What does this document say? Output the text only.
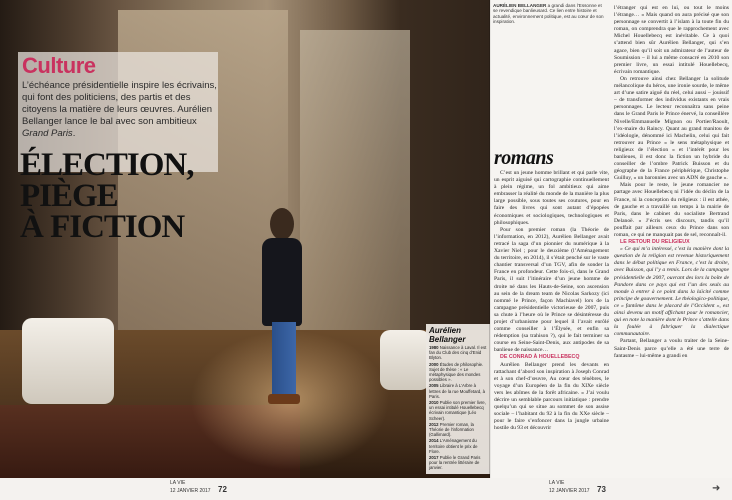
Culture
L’échéance présidentielle inspire les écrivains, qui font des politiciens, des partis et des citoyens la matière de leurs œuvres. Aurélien Bellanger lance le bal avec son ambitieux Grand Paris.
ÉLECTION,
PIÈGE
À FICTION
Aurélien Bellanger
1980 Naissance à Laval. Il est fan du Club des cinq d’Enid Blyton.
2000 Études de philosophie. Sujet de thèse : « Le métaphysique des mondes possibles ».
2005 Libraire à L’Arbre à lettres de la rue Mouffetard, à Paris.
2010 Publie son premier livre, un essai intitulé Houellebecq écrivain romantique (Léo Scheer).
2012 Premier roman, la Théorie de l’information (Gallimard).
2014 L’Aménagement du territoire obtient le prix de Flore.
2017 Publie le Grand Paris pour la rentrée littéraire de janvier.
AURÉLIEN BELLANGER a grandi dans l’Essonne et se revendique banlieusard. Ce lien entre histoire et actualité, environnement politique, est au cœur de son inspiration.
romans

C’est un jeune homme brillant et qui parle vite, un esprit aiguisé qui cartographie continuellement à plein régime, un fol ambitieux qui aime embrasser la réalité du monde de la manière la plus large possible, sous toutes ses coutures, pour en faire des livres qui sont autant d’épopées économiques et sociologiques, technologiques et philosophiques.

Pour son premier roman (la Théorie de l’information, en 2012), Aurélien Bellanger avait retracé la saga d’un pionnier du numérique à la Xavier Niel ; pour le deuxième (l’Aménagement du territoire, en 2014), il s’était penché sur le vaste chantier transversal d’un TGV, afin de sonder la France en profondeur. Cette fois-ci, dans le Grand Paris, il suit l’itinéraire d’un jeune homme de droite né dans les Hauts-de-Seine, son ascension au sein de la dream team de Nicolas Sarkozy (ici nommé le Prince, façon Machiavel) lors de la campagne présidentielle victorieuse de 2007, puis sa chute à l’heure où le Prince se désintéresse du projet d’urbanisme pour lequel il l’avait enrôlé comme conseiller à l’Élysée, et enfin sa rédemption (sa trahison ?), qui le fait terminer sa course en Seine-Saint-Denis, aux antipodes de sa banlieue de naissance…

DE CONRAD À HOUELLEBECQ

Aurélien Bellanger prend les devants en rattachant d’abord son inspiration à Joseph Conrad et à son chef-d’œuvre, Au cœur des ténèbres, le voyage d’un Européen de la fin du XIXe siècle vers les abîmes de la forêt africaine. « J’ai voulu décrire un semblable parcours initiatique : prendre quelqu’un qui se situe au sommet de son assise sociale – l’habitant du 92 à la fin du XXe siècle – pour le faire s’enfoncer dans la jungle urbaine hostile du 93 et découvrir

l’étranger qui est en lui, ou tout le moins l’étrange… » Mais quand on aura précisé que son personnage se convertit à l’islam à la toute fin du roman, on comprendra que le rapprochement avec Michel Houellebecq est inévitable. Ce à quoi s’attend bien sûr Aurélien Bellanger, qui s’en agace, bien qu’il soit un admirateur de l’auteur de Soumission – il lui a même consacré en 2010 son premier livre, un essai intitulé Houellebecq, écrivain romantique.

On retrouve ainsi chez Bellanger la solitude mélancolique du héros, une ironie sourde, le même art d’une satire aiguë du réel, celui aussi – jouissif – de transformer des individus existants en vrais personnages. Le lecteur reconnaîtra sans peine dans le Grand Paris le Prince énervé, la conseillère Nivelle/Emmanuelle Mignon ou Portier/Raoult, l’ex-maire du Raincy. Quant au grand manitou de l’idéologie, dénommé ici Machelin, celui qui fait retrouver au Prince « le sens métaphysique et religieux de l’élection » et l’intérêt pour les banlieues, il est donc la fiction un hybride du conseiller de l’ombre Patrick Buisson et du géographe de la France périphérique, Christophe Guilluy, « un baronnies avec un ADN de gauche ».

Mais pour le reste, le jeune romancier ne partage avec Houellebecq ni l’idée du déclin de la France, ni la conception du religieux : il est athée, de gauche et a travaillé un temps à la mairie de Paris, dans le cabinet du socialiste Bertrand Delanoë. « J’écris ses discours, tandis qu’il pouffait par ailleurs ceux du Prince dans son roman, ce qui ne manquait pas de sel, reconnaît-il.

LE RETOUR DU RELIGIEUX

« Ce qui m’a intéressé, c’est la manière dont la question de la religion est revenue historiquement dans le débat politique en France, c’est la droite, avec Buisson, qui l’y a remis. Lors de la campagne présidentielle de 2007, ouvrant des lors la boîte de Pandore dans ce pays qui est l’un des seuls au monde à entrer à ce point dans la laïcité comme principe de gouvernement. Le théologico-politique, ce « fantôme dans le placard de l’Occident », est ainsi devenu un motif affichant pour le romancier, qui en note la manière dont le Prince s’attelle dans la foulée à fabriquer la dialectique communautaire.

Partant, Bellanger a voulu traiter de la Seine-Saint-Denis parce qu’elle a été une terre de fantasme – lui-même a grandi en

LA VIE
12 JANVIER 2017 72
LA VIE
12 JANVIER 2017 73	➜
